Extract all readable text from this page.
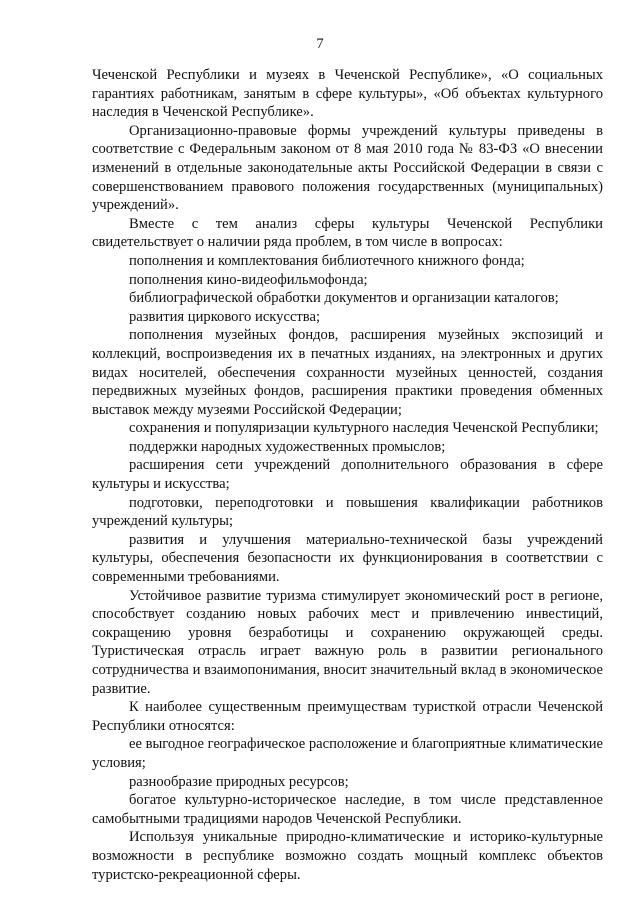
7

Чеченской Республики и музеях в Чеченской Республике», «О социальных гарантиях работникам, занятым в сфере культуры», «Об объектах культурного наследия в Чеченской Республике».

Организационно-правовые формы учреждений культуры приведены в соответствие с Федеральным законом от 8 мая 2010 года № 83-ФЗ «О внесении изменений в отдельные законодательные акты Российской Федерации в связи с совершенствованием правового положения государственных (муниципальных) учреждений».

Вместе с тем анализ сферы культуры Чеченской Республики свидетельствует о наличии ряда проблем, в том числе в вопросах:

пополнения и комплектования библиотечного книжного фонда;

пополнения кино-видеофильмофонда;

библиографической обработки документов и организации каталогов;

развития циркового искусства;

пополнения музейных фондов, расширения музейных экспозиций и коллекций, воспроизведения их в печатных изданиях, на электронных и других видах носителей, обеспечения сохранности музейных ценностей, создания передвижных музейных фондов, расширения практики проведения обменных выставок между музеями Российской Федерации;

сохранения и популяризации культурного наследия Чеченской Республики;

поддержки народных художественных промыслов;

расширения сети учреждений дополнительного образования в сфере культуры и искусства;

подготовки, переподготовки и повышения квалификации работников учреждений культуры;

развития и улучшения материально-технической базы учреждений культуры, обеспечения безопасности их функционирования в соответствии с современными требованиями.

Устойчивое развитие туризма стимулирует экономический рост в регионе, способствует созданию новых рабочих мест и привлечению инвестиций, сокращению уровня безработицы и сохранению окружающей среды. Туристическая отрасль играет важную роль в развитии регионального сотрудничества и взаимопонимания, вносит значительный вклад в экономическое развитие.

К наиболее существенным преимуществам туристкой отрасли Чеченской Республики относятся:

ее выгодное географическое расположение и благоприятные климатические условия;

разнообразие природных ресурсов;

богатое культурно-историческое наследие, в том числе представленное самобытными традициями народов Чеченской Республики.

Используя уникальные природно-климатические и историко-культурные возможности в республике возможно создать мощный комплекс объектов туристско-рекреационной сферы.
